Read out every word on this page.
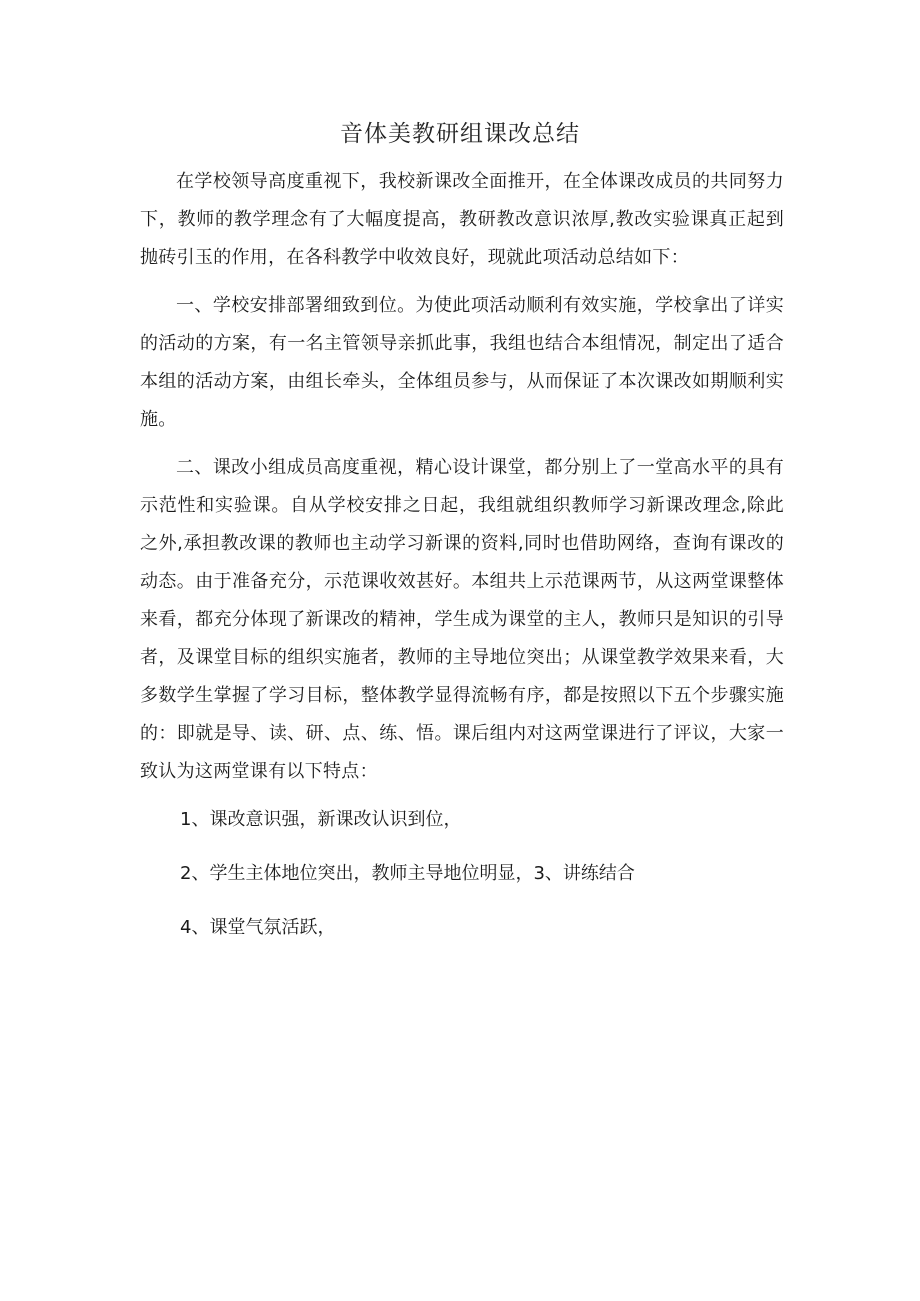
音体美教研组课改总结

在学校领导高度重视下，我校新课改全面推开，在全体课改成员的共同努力下，教师的教学理念有了大幅度提高，教研教改意识浓厚,教改实验课真正起到抛砖引玉的作用，在各科教学中收效良好，现就此项活动总结如下：

一、学校安排部署细致到位。为使此项活动顺利有效实施，学校拿出了详实的活动的方案，有一名主管领导亲抓此事，我组也结合本组情况，制定出了适合本组的活动方案，由组长牵头，全体组员参与，从而保证了本次课改如期顺利实施。

二、课改小组成员高度重视，精心设计课堂，都分别上了一堂高水平的具有示范性和实验课。自从学校安排之日起，我组就组织教师学习新课改理念,除此之外,承担教改课的教师也主动学习新课的资料,同时也借助网络，查询有课改的动态。由于准备充分，示范课收效甚好。本组共上示范课两节，从这两堂课整体来看，都充分体现了新课改的精神，学生成为课堂的主人，教师只是知识的引导者，及课堂目标的组织实施者，教师的主导地位突出；从课堂教学效果来看，大多数学生掌握了学习目标，整体教学显得流畅有序，都是按照以下五个步骤实施的：即就是导、读、研、点、练、悟。课后组内对这两堂课进行了评议，大家一致认为这两堂课有以下特点：

1、课改意识强，新课改认识到位，
2、学生主体地位突出，教师主导地位明显，3、讲练结合
4、课堂气氛活跃，
